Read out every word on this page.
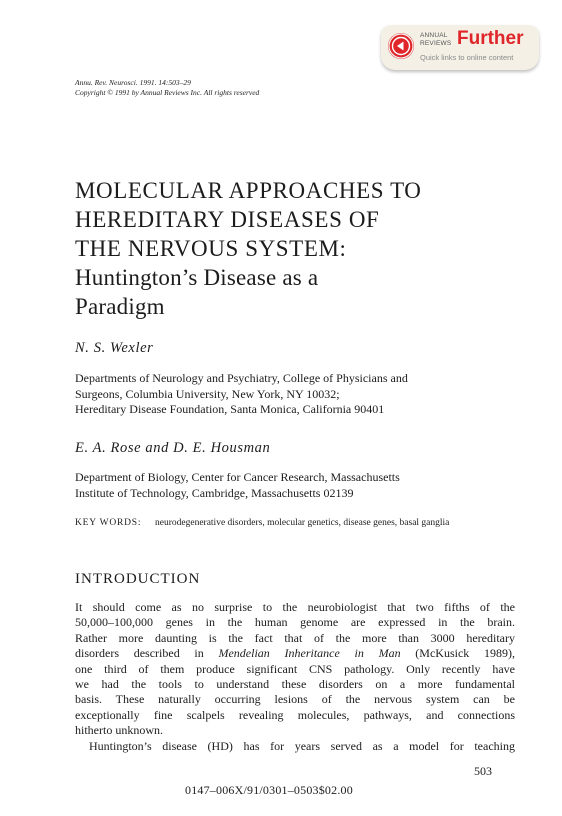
ANNUAL
REVIEWS Further
Quick links to online content
Annu. Rev. Neurosci. 1991. 14:503–29
Copyright © 1991 by Annual Reviews Inc. All rights reserved
MOLECULAR APPROACHES TO
HEREDITARY DISEASES OF
THE NERVOUS SYSTEM:
Huntington’s Disease as a
Paradigm
N. S. Wexler
Departments of Neurology and Psychiatry, College of Physicians and
Surgeons, Columbia University, New York, NY 10032;
Hereditary Disease Foundation, Santa Monica, California 90401
E. A. Rose and D. E. Housman
Department of Biology, Center for Cancer Research, Massachusetts
Institute of Technology, Cambridge, Massachusetts 02139
KEY WORDS: neurodegenerative disorders, molecular genetics, disease genes, basal ganglia
INTRODUCTION
It should come as no surprise to the neurobiologist that two fifths of the
50,000–100,000 genes in the human genome are expressed in the brain.
Rather more daunting is the fact that of the more than 3000 hereditary
disorders described in Mendelian Inheritance in Man (McKusick 1989),
one third of them produce significant CNS pathology. Only recently have
we had the tools to understand these disorders on a more fundamental
basis. These naturally occurring lesions of the nervous system can be
exceptionally fine scalpels revealing molecules, pathways, and connections
hitherto unknown.
Huntington’s disease (HD) has for years served as a model for teaching
503
0147–006X/91/0301–0503$02.00
